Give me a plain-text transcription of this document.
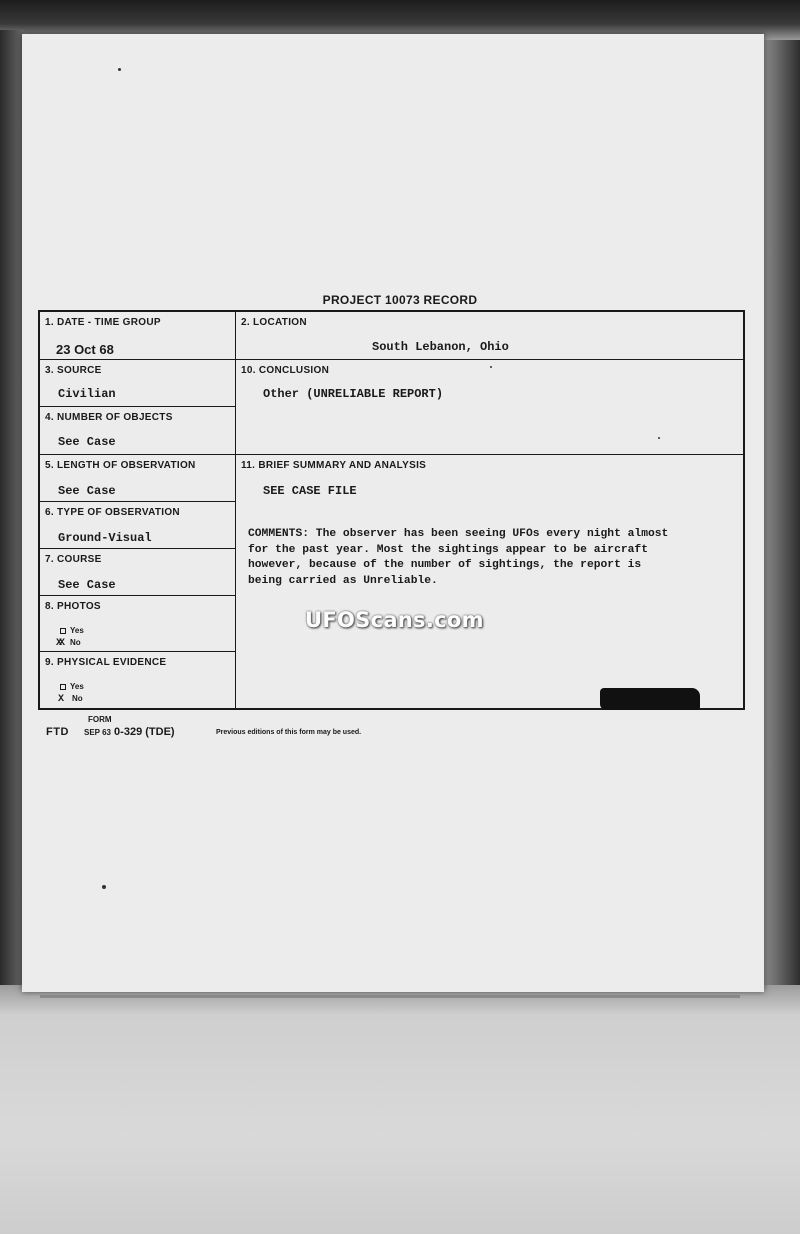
PROJECT 10073 RECORD
1. DATE - TIME GROUP
23 Oct 68
2. LOCATION
South Lebanon, Ohio
3. SOURCE
Civilian
10. CONCLUSION
Other (UNRELIABLE REPORT)
4. NUMBER OF OBJECTS
See Case
5. LENGTH OF OBSERVATION
See Case
11. BRIEF SUMMARY AND ANALYSIS
SEE CASE FILE
COMMENTS: The observer has been seeing UFOs every night almost
for the past year. Most the sightings appear to be aircraft
however, because of the number of sightings, the report is
being carried as Unreliable.
6. TYPE OF OBSERVATION
Ground-Visual
7. COURSE
See Case
8. PHOTOS
Yes
XX No
9. PHYSICAL EVIDENCE
Yes
X No
FORM
FTD SEP 63 0-329 (TDE)	Previous editions of this form may be used.
UFOScans.com
